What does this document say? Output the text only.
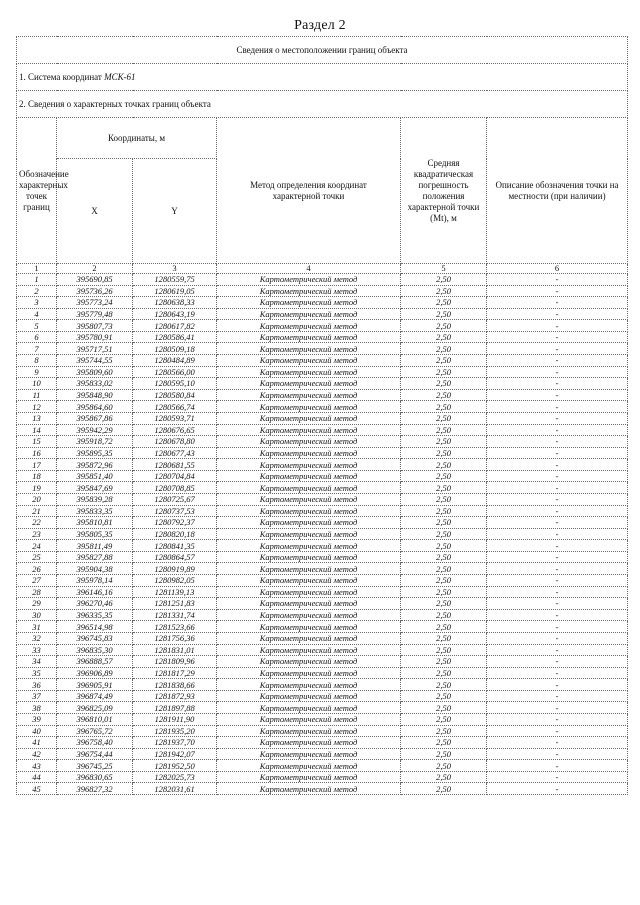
Раздел 2
Сведения о местоположении границ объекта					
1. Система координат МСК-61					
2. Сведения о характерных точках границ объекта					
Обозначение характерных точек границ	Координаты, м		Метод определения координат характерной точки	Средняя квадратическая погрешность положения характерной точки (Mt), м	Описание обозначения точки на местности (при наличии)
	X	Y			
1	2	3	4	5	6
1	395690,85	1280559,75	Картометрический метод	2,50	-
2	395736,26	1280619,05	Картометрический метод	2,50	-
3	395773,24	1280638,33	Картометрический метод	2,50	-
4	395779,48	1280643,19	Картометрический метод	2,50	-
5	395807,73	1280617,82	Картометрический метод	2,50	-
6	395780,91	1280586,41	Картометрический метод	2,50	-
7	395717,51	1280509,18	Картометрический метод	2,50	-
8	395744,55	1280484,89	Картометрический метод	2,50	-
9	395809,60	1280566,00	Картометрический метод	2,50	-
10	395833,02	1280595,10	Картометрический метод	2,50	-
11	395848,90	1280580,84	Картометрический метод	2,50	-
12	395864,60	1280566,74	Картометрический метод	2,50	-
13	395867,86	1280593,71	Картометрический метод	2,50	-
14	395942,29	1280676,65	Картометрический метод	2,50	-
15	395918,72	1280678,80	Картометрический метод	2,50	-
16	395895,35	1280677,43	Картометрический метод	2,50	-
17	395872,96	1280681,55	Картометрический метод	2,50	-
18	395851,40	1280704,84	Картометрический метод	2,50	-
19	395847,69	1280708,85	Картометрический метод	2,50	-
20	395839,28	1280725,67	Картометрический метод	2,50	-
21	395833,35	1280737,53	Картометрический метод	2,50	-
22	395810,81	1280792,37	Картометрический метод	2,50	-
23	395805,35	1280820,18	Картометрический метод	2,50	-
24	395811,49	1280841,35	Картометрический метод	2,50	-
25	395827,88	1280864,57	Картометрический метод	2,50	-
26	395904,38	1280919,89	Картометрический метод	2,50	-
27	395978,14	1280982,05	Картометрический метод	2,50	-
28	396146,16	1281139,13	Картометрический метод	2,50	-
29	396270,46	1281251,83	Картометрический метод	2,50	-
30	396335,35	1281331,74	Картометрический метод	2,50	-
31	396514,98	1281523,66	Картометрический метод	2,50	-
32	396745,83	1281756,36	Картометрический метод	2,50	-
33	396835,30	1281831,01	Картометрический метод	2,50	-
34	396888,57	1281809,96	Картометрический метод	2,50	-
35	396906,89	1281817,29	Картометрический метод	2,50	-
36	396905,91	1281838,66	Картометрический метод	2,50	-
37	396874,49	1281872,93	Картометрический метод	2,50	-
38	396825,09	1281897,88	Картометрический метод	2,50	-
39	396810,01	1281911,90	Картометрический метод	2,50	-
40	396765,72	1281935,20	Картометрический метод	2,50	-
41	396758,40	1281937,70	Картометрический метод	2,50	-
42	396754,44	1281942,07	Картометрический метод	2,50	-
43	396745,25	1281952,50	Картометрический метод	2,50	-
44	396830,65	1282025,73	Картометрический метод	2,50	-
45	396827,32	1282031,61	Картометрический метод	2,50	-
